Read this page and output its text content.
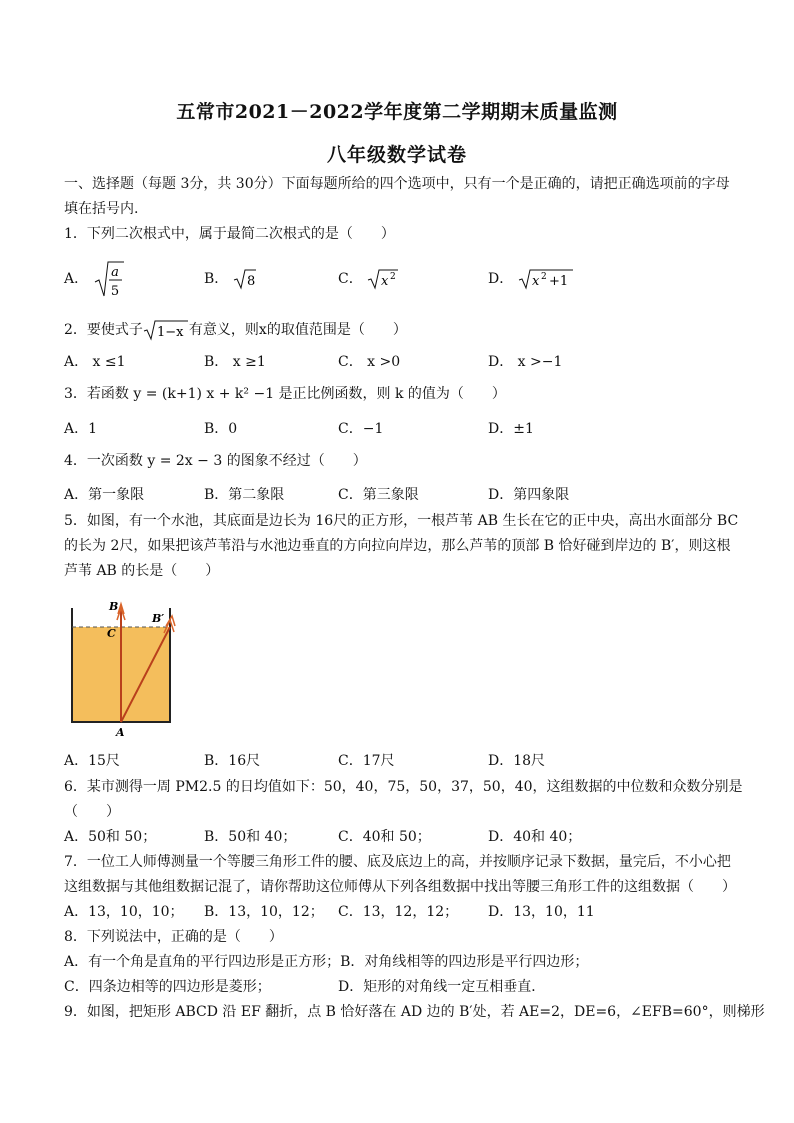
五常市2021－2022学年度第二学期期末质量监测
八年级数学试卷
一、选择题（每题 3分，共 30分）下面每题所给的四个选项中，只有一个是正确的，请把正确选项前的字母
填在括号内.
1．下列二次根式中，属于最简二次根式的是（　　）
A． a
5
B． 8	C． x 2	D． x 2 +1
2．要使式子 1−x 有意义，则x的取值范围是（　　）
A． x ≤1	B． x ≥1	C． x >0	D． x >−1
3．若函数 y = (k+1) x + k² −1 是正比例函数，则 k 的值为（　　）
A．1	B．0	C．−1	D．±1
4．一次函数 y = 2x − 3 的图象不经过（　　）
A．第一象限	B．第二象限	C．第三象限	D．第四象限
5．如图，有一个水池，其底面是边长为 16尺的正方形，一根芦苇 AB 生长在它的正中央，高出水面部分 BC
的长为 2尺，如果把该芦苇沿与水池边垂直的方向拉向岸边，那么芦苇的顶部 B 恰好碰到岸边的 B′，则这根
芦苇 AB 的长是（　　）
B
B′
C
A
A．15尺	B．16尺	C．17尺	D．18尺
6．某市测得一周 PM2.5 的日均值如下：50，40，75，50，37，50，40，这组数据的中位数和众数分别是
（　　）
A．50和 50；	B．50和 40；	C．40和 50；	D．40和 40；
7．一位工人师傅测量一个等腰三角形工件的腰、底及底边上的高，并按顺序记录下数据，量完后，不小心把
这组数据与其他组数据记混了，请你帮助这位师傅从下列各组数据中找出等腰三角形工件的这组数据（　　）
A．13，10，10； B．13，10，12； C．13，12，12； D．13，10，11
8．下列说法中，正确的是（　　）
A．有一个角是直角的平行四边形是正方形；B．对角线相等的四边形是平行四边形；
C．四条边相等的四边形是菱形；	D．矩形的对角线一定互相垂直．
9．如图，把矩形 ABCD 沿 EF 翻折，点 B 恰好落在 AD 边的 B′处，若 AE=2，DE=6，∠EFB=60°，则梯形
